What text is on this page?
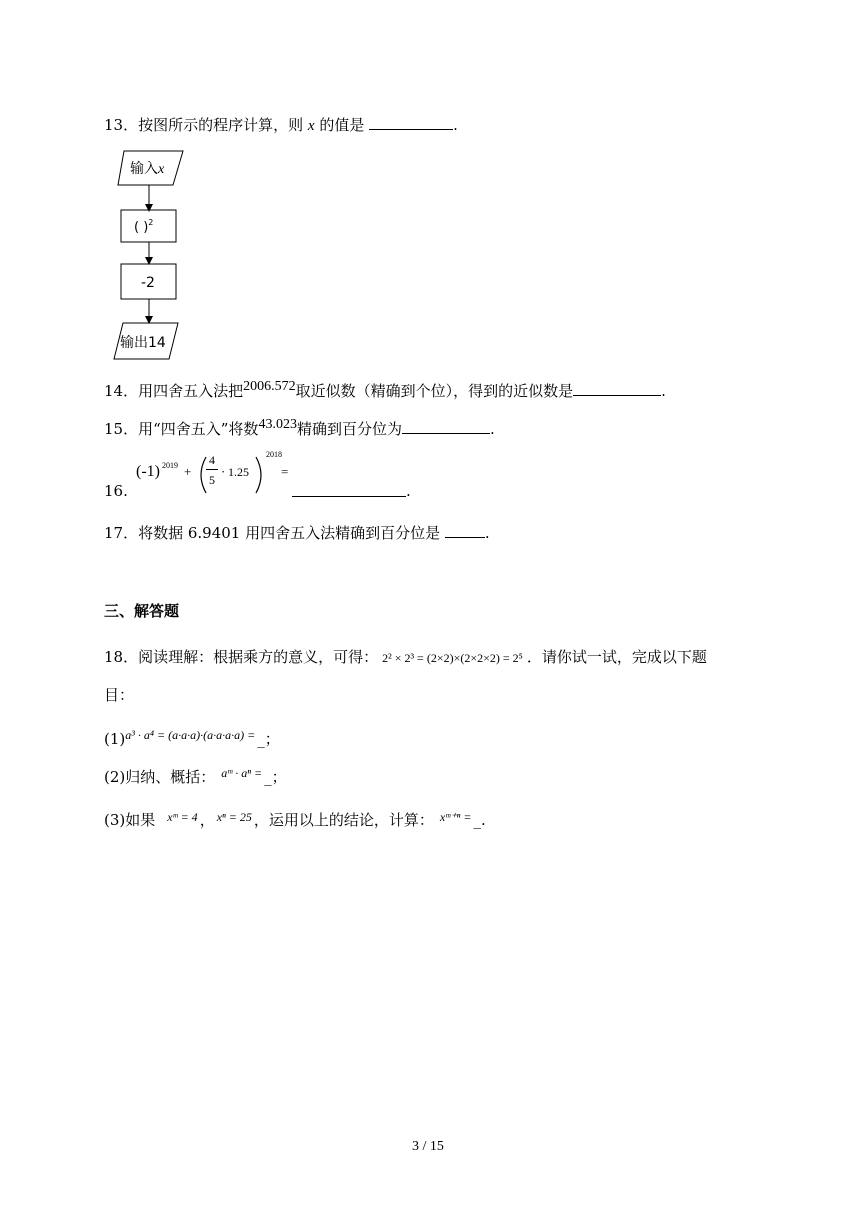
13．按图所示的程序计算，则 x 的值是	.
输入x
( )$^2$
-2
输出14
14．用四舍五入法把$^{2006.572}$取近似数（精确到个位），得到的近似数是	.
15．用“四舍五入”将数$^{43.023}$精确到百分位为	.
16.
(-1) 2019 +
4
5
· 1.25
2018
=
.
17．将数据 6.9401 用四舍五入法精确到百分位是	.
三、解答题
18．阅读理解：根据乘方的意义，可得： 2² × 2³ = (2×2)×(2×2×2) = 2⁵ ．请你试一试，完成以下题
目：
$(1)^{a^3 \cdot a^4 = (a\cdot a\cdot a)\cdot(a\cdot a\cdot a\cdot a) =}$ _；
(2)归纳、概括： $^{aᵐ \cdot a^n =}$ _；
(3)如果 $^{xᵐ = 4}$ ， $^{x^n = 25}$ ，运用以上的结论，计算： $^{xᵐ^{+n} =}$ _.
3 / 15
